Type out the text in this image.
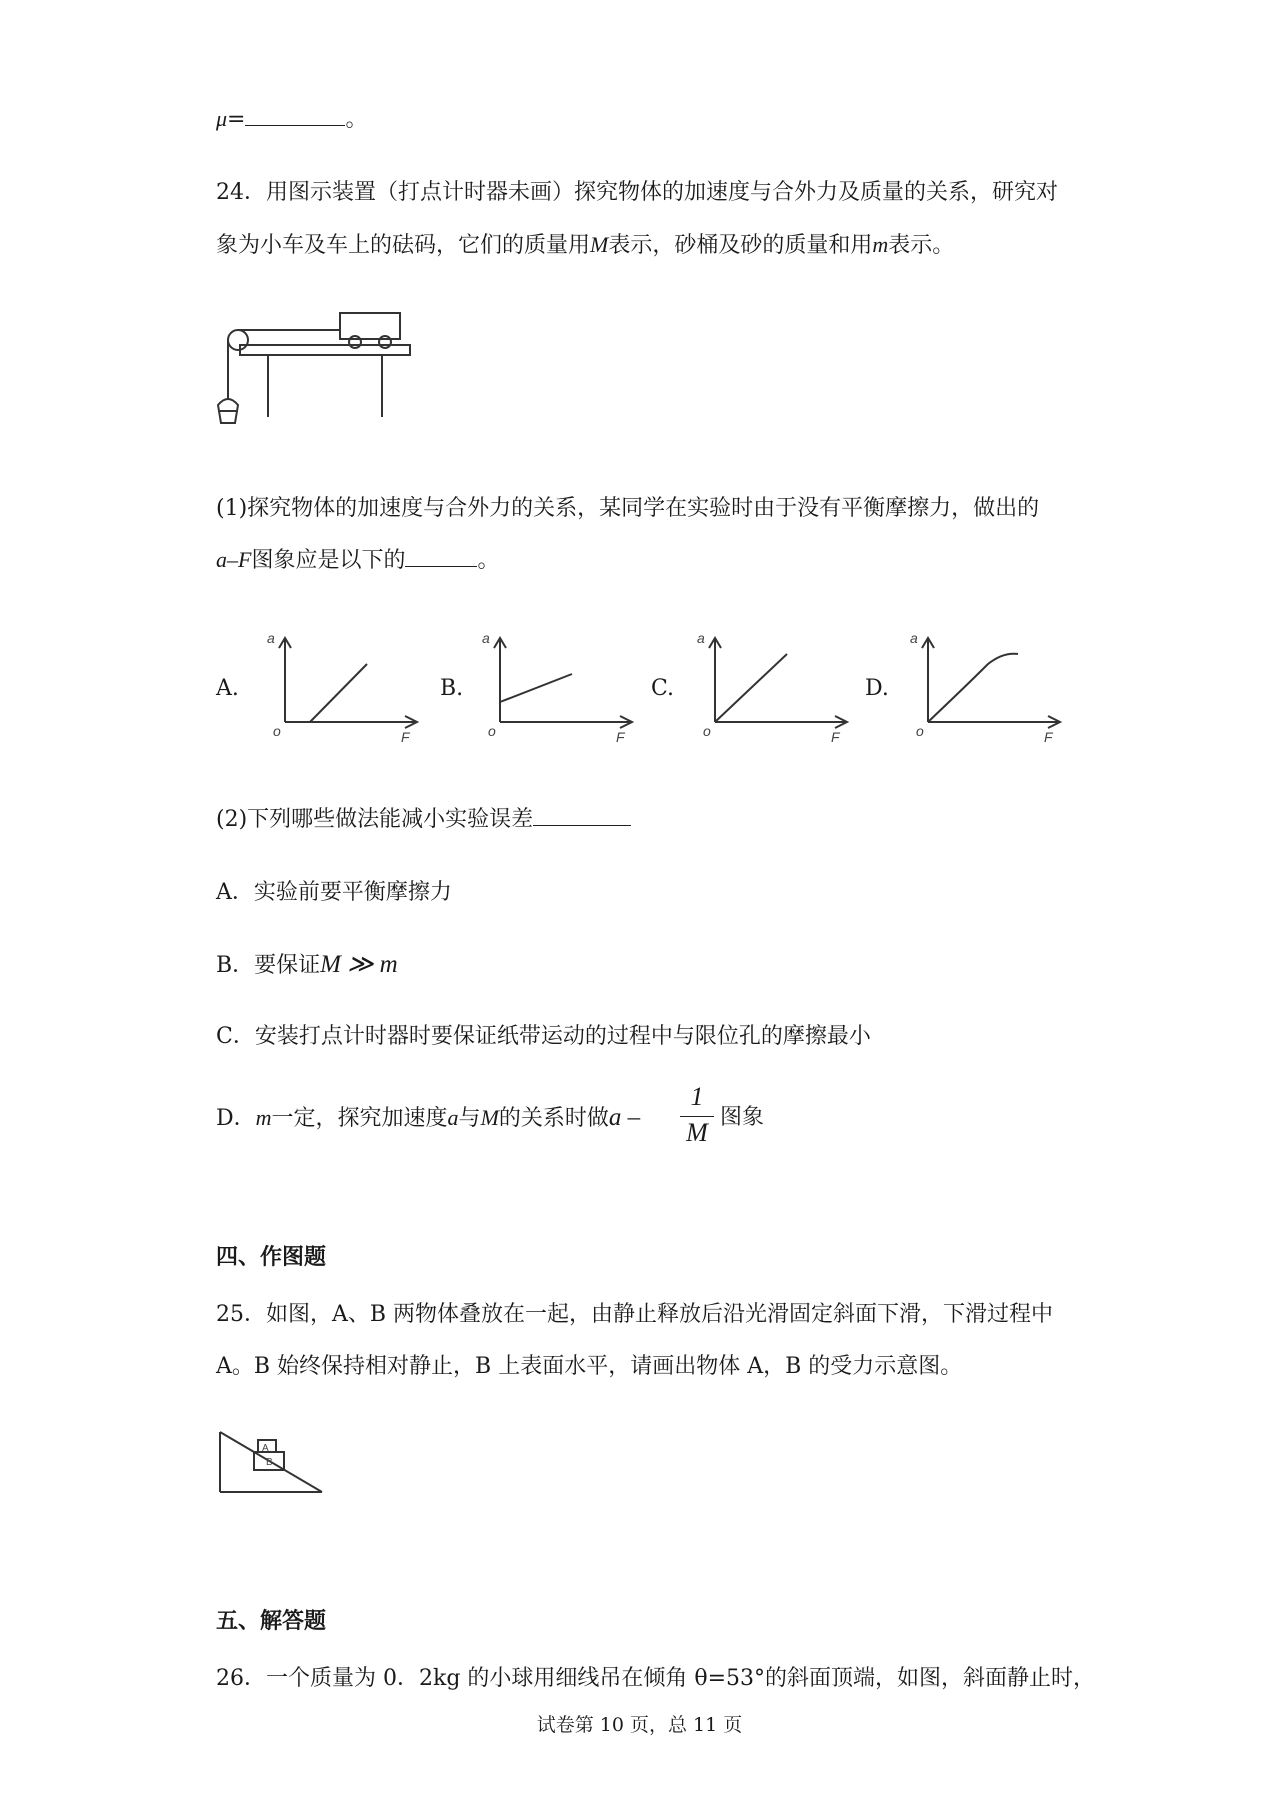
μ=	。
24．用图示装置（打点计时器未画）探究物体的加速度与合外力及质量的关系，研究对
象为小车及车上的砝码，它们的质量用M表示，砂桶及砂的质量和用m表示。
(1)探究物体的加速度与合外力的关系，某同学在实验时由于没有平衡摩擦力，做出的
a–F图象应是以下的	。
A.	B.	C.	D.
a
o	F
a
o	F
a
o	F
a
o	F
(2)下列哪些做法能减小实验误差
A．实验前要平衡摩擦力
B．要保证M ≫ m
C．安装打点计时器时要保证纸带运动的过程中与限位孔的摩擦最小
D．m一定，探究加速度a与M的关系时做a –
1
M
图象
四、作图题
25．如图，A、B 两物体叠放在一起，由静止释放后沿光滑固定斜面下滑，下滑过程中
A。B 始终保持相对静止，B 上表面水平，请画出物体 A，B 的受力示意图。
A
B
五、解答题
26．一个质量为 0．2kg 的小球用细线吊在倾角 θ=53°的斜面顶端，如图，斜面静止时，
试卷第 10 页，总 11 页
